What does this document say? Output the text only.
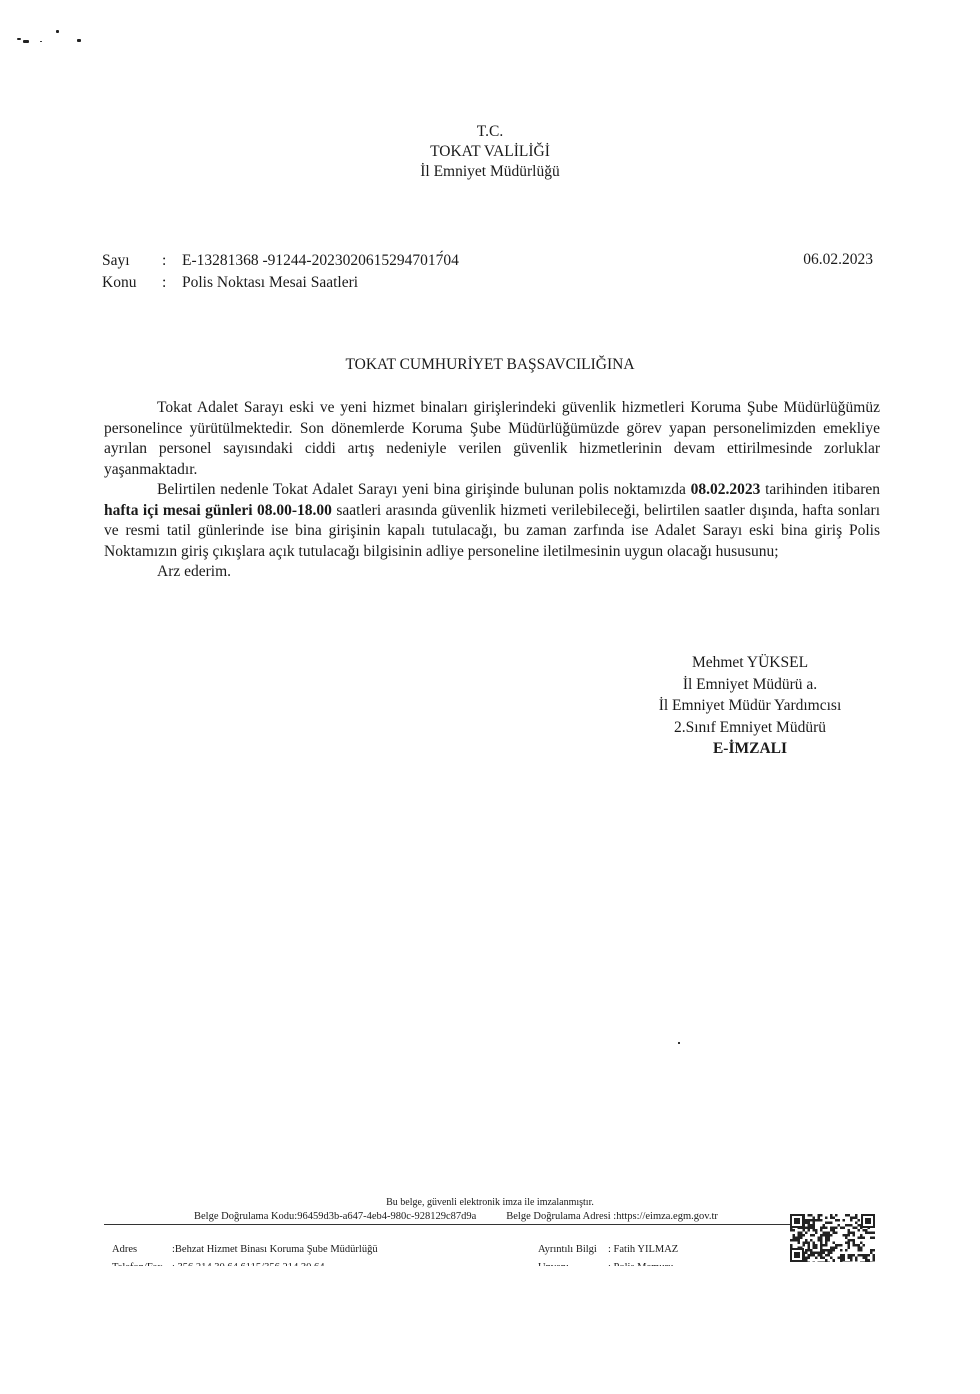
T.C.
TOKAT VALİLİĞİ
İl Emniyet Müdürlüğü
Sayı	:	E-13281368 -91244-20230206152947017́04
Konu	:	Polis Noktası Mesai Saatleri
06.02.2023
TOKAT CUMHURİYET BAŞSAVCILIĞINA

Tokat Adalet Sarayı eski ve yeni hizmet binaları girişlerindeki güvenlik hizmetleri Koruma Şube Müdürlüğümüz personelince yürütülmektedir. Son dönemlerde Koruma Şube Müdürlüğümüzde görev yapan personelimizden emekliye ayrılan personel sayısındaki ciddi artış nedeniyle verilen güvenlik hizmetlerinin devam ettirilmesinde zorluklar yaşanmaktadır.

Belirtilen nedenle Tokat Adalet Sarayı yeni bina girişinde bulunan polis noktamızda 08.02.2023 tarihinden itibaren hafta içi mesai günleri 08.00-18.00 saatleri arasında güvenlik hizmeti verilebileceği, belirtilen saatler dışında, hafta sonları ve resmi tatil günlerinde ise bina girişinin kapalı tutulacağı, bu zaman zarfında ise Adalet Sarayı eski bina giriş Polis Noktamızın giriş çıkışlara açık tutulacağı bilgisinin adliye personeline iletilmesinin uygun olacağı hususunu;

Arz ederim.

Mehmet YÜKSEL
İl Emniyet Müdürü a.
İl Emniyet Müdür Yardımcısı
2.Sınıf Emniyet Müdürü
E-İMZALI
Bu belge, güvenli elektronik imza ile imzalanmıştır.
Belge Doğrulama Kodu:96459d3b-a647-4eb4-980c-928129c87d9a	Belge Doğrulama Adresi :https://eimza.egm.gov.tr
Adres	:Behzat Hizmet Binası Koruma Şube Müdürlüğü	Ayrıntılı Bilgi : Fatih YILMAZ
